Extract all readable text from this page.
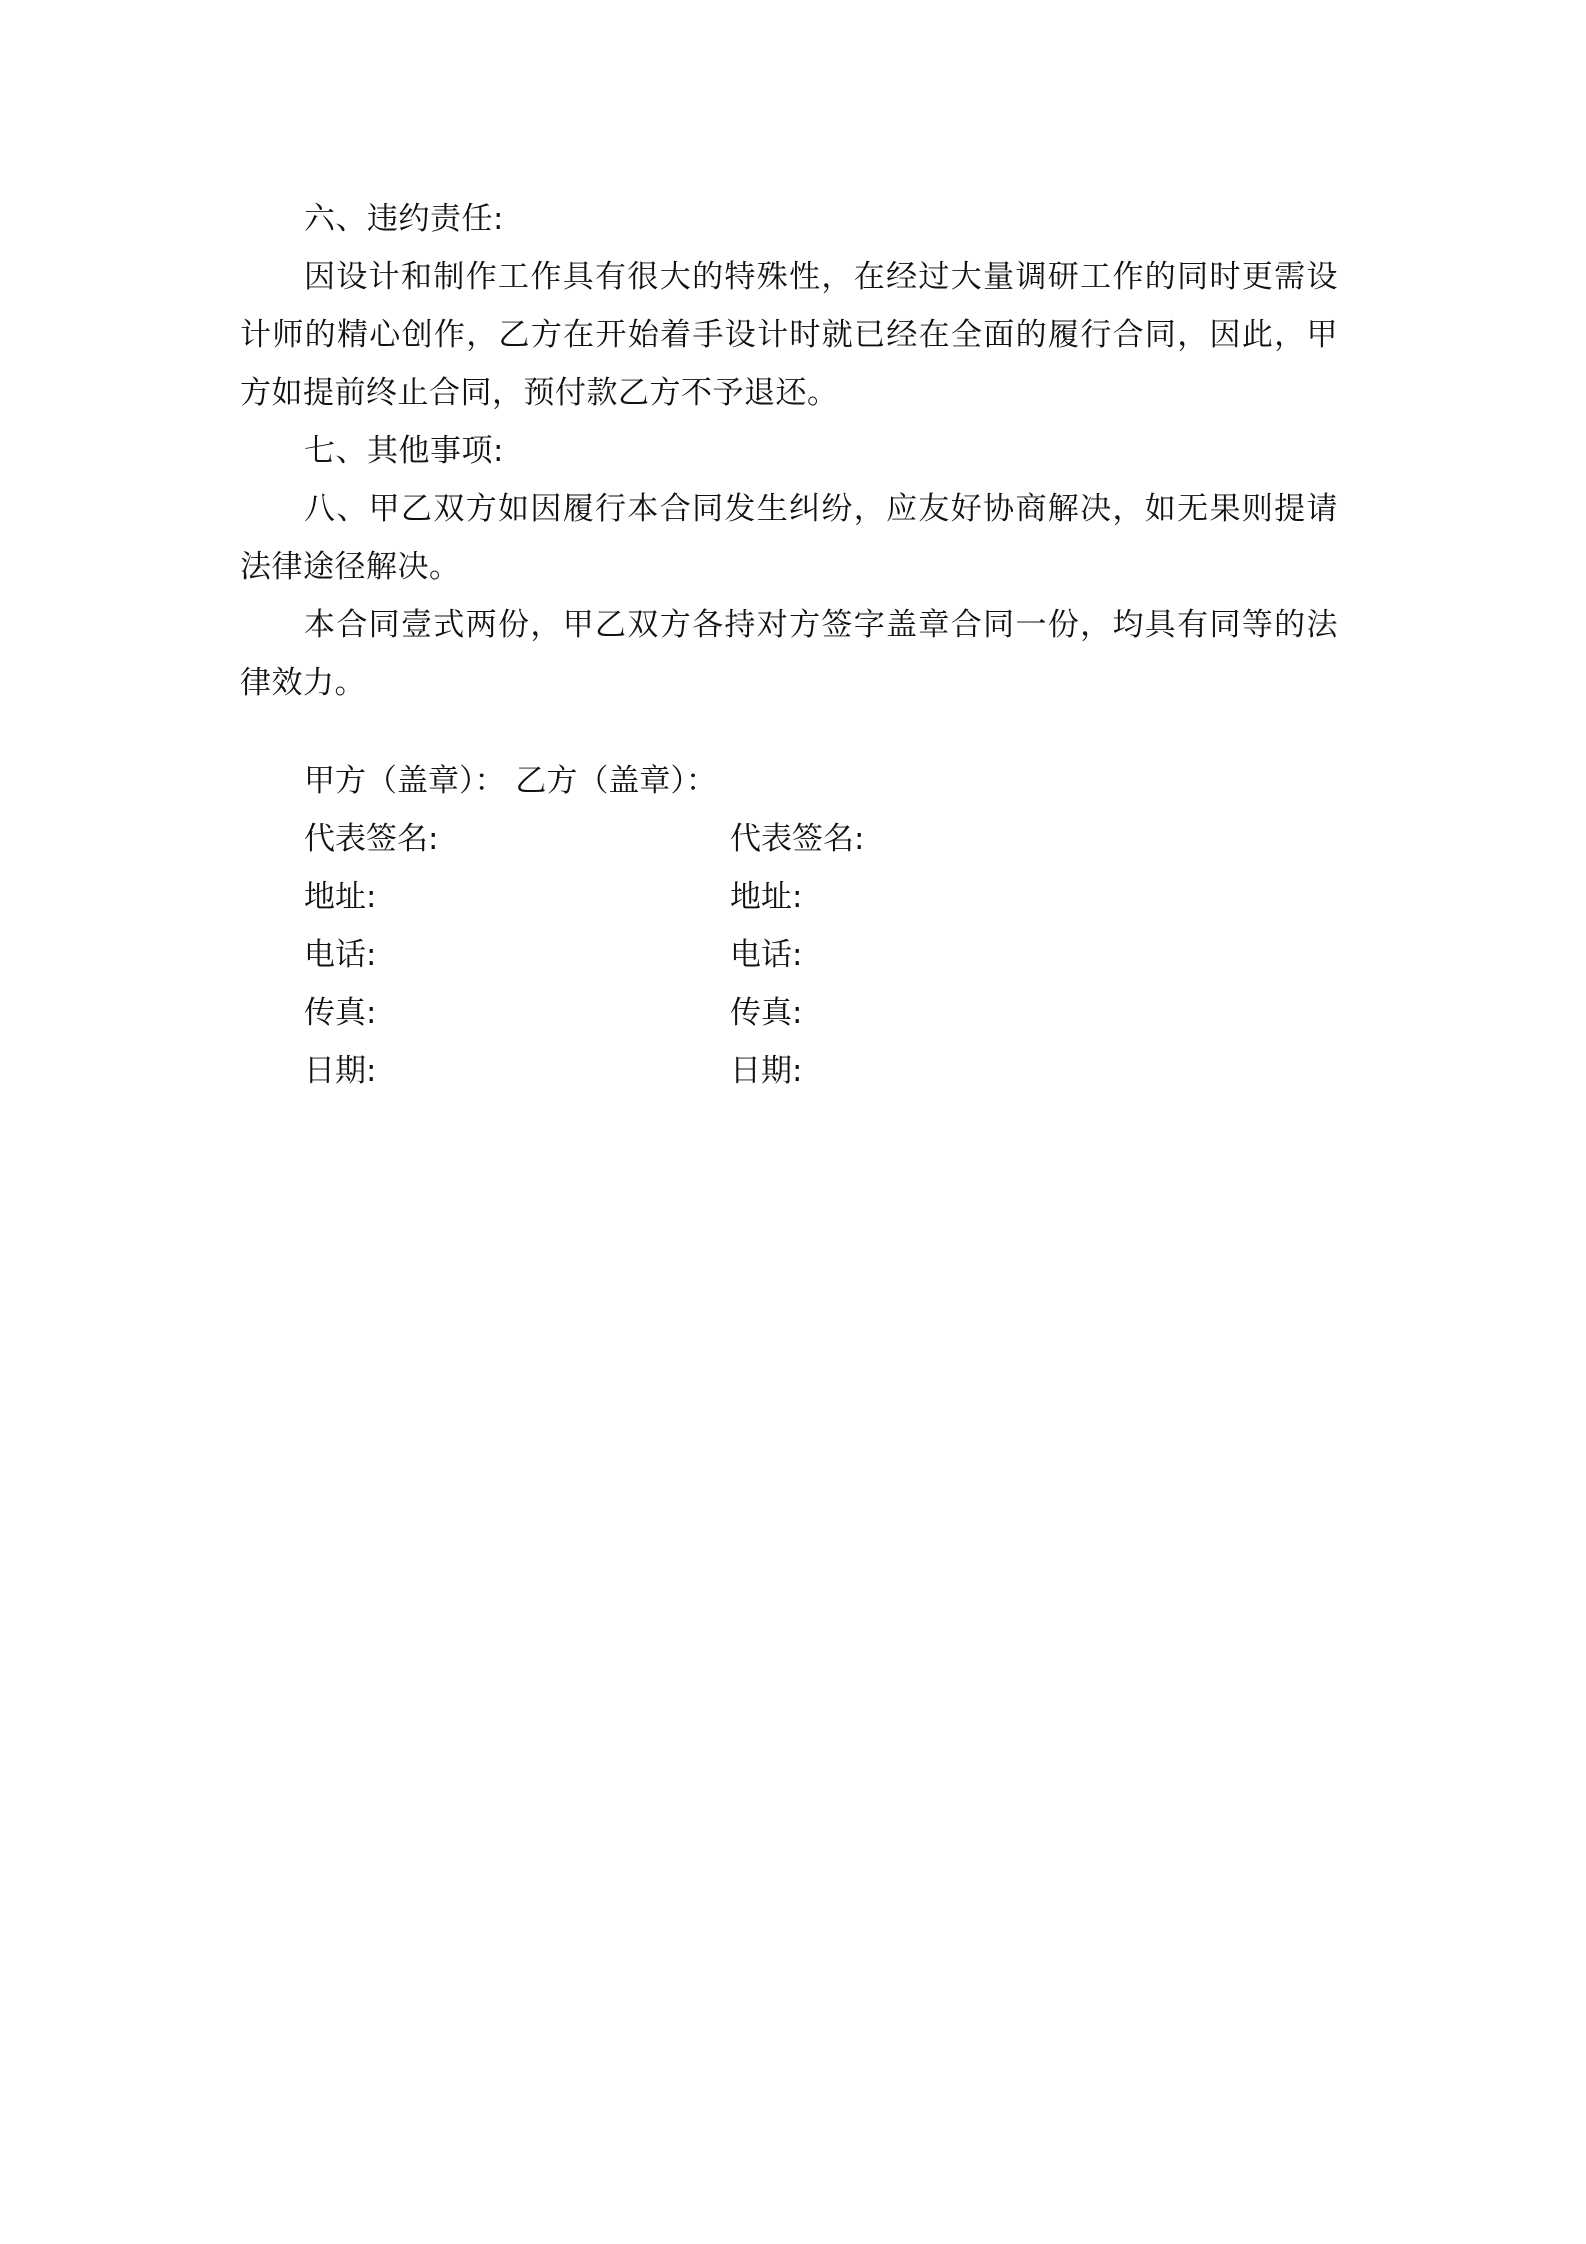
六、违约责任:

因设计和制作工作具有很大的特殊性，在经过大量调研工作的同时更需设计师的精心创作，乙方在开始着手设计时就已经在全面的履行合同，因此，甲方如提前终止合同，预付款乙方不予退还。

七、其他事项:

八、甲乙双方如因履行本合同发生纠纷，应友好协商解决，如无果则提请法律途径解决。

本合同壹式两份，甲乙双方各持对方签字盖章合同一份，均具有同等的法律效力。

甲方（盖章）： 乙方（盖章）：
代表签名:	代表签名:
地址:	地址:
电话:	电话:
传真:	传真:
日期:	日期:
